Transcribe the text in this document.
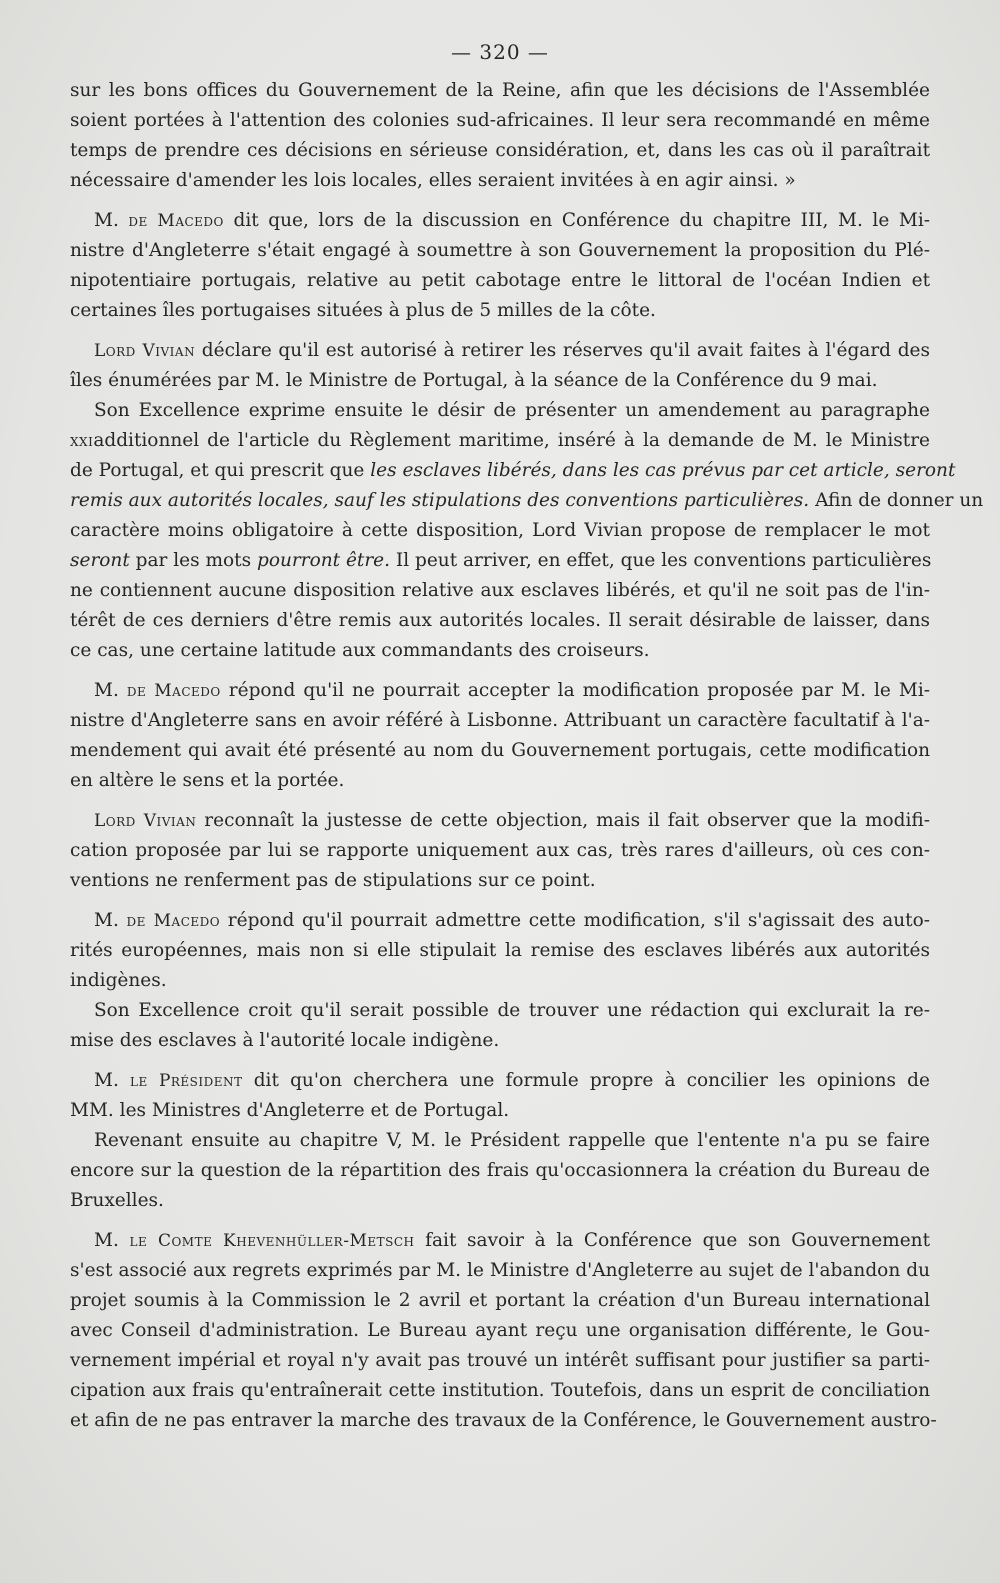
— 320 —
sur les bons offices du Gouvernement de la Reine, afin que les décisions de l'Assemblée
soient portées à l'attention des colonies sud-africaines. Il leur sera recommandé en même
temps de prendre ces décisions en sérieuse considération, et, dans les cas où il paraîtrait
nécessaire d'amender les lois locales, elles seraient invitées à en agir ainsi. »
M. de Macedo dit que, lors de la discussion en Conférence du chapitre III, M. le Mi-
nistre d'Angleterre s'était engagé à soumettre à son Gouvernement la proposition du Plé-
nipotentiaire portugais, relative au petit cabotage entre le littoral de l'océan Indien et
certaines îles portugaises situées à plus de 5 milles de la côte.
Lord Vivian déclare qu'il est autorisé à retirer les réserves qu'il avait faites à l'égard des
îles énumérées par M. le Ministre de Portugal, à la séance de la Conférence du 9 mai.
Son Excellence exprime ensuite le désir de présenter un amendement au paragraphe
xxiadditionnel de l'article du Règlement maritime, inséré à la demande de M. le Ministre
de Portugal, et qui prescrit que les esclaves libérés, dans les cas prévus par cet article, seront
remis aux autorités locales, sauf les stipulations des conventions particulières. Afin de donner un
caractère moins obligatoire à cette disposition, Lord Vivian propose de remplacer le mot
seront par les mots pourront être. Il peut arriver, en effet, que les conventions particulières
ne contiennent aucune disposition relative aux esclaves libérés, et qu'il ne soit pas de l'in-
térêt de ces derniers d'être remis aux autorités locales. Il serait désirable de laisser, dans
ce cas, une certaine latitude aux commandants des croiseurs.
M. de Macedo répond qu'il ne pourrait accepter la modification proposée par M. le Mi-
nistre d'Angleterre sans en avoir référé à Lisbonne. Attribuant un caractère facultatif à l'a-
mendement qui avait été présenté au nom du Gouvernement portugais, cette modification
en altère le sens et la portée.
Lord Vivian reconnaît la justesse de cette objection, mais il fait observer que la modifi-
cation proposée par lui se rapporte uniquement aux cas, très rares d'ailleurs, où ces con-
ventions ne renferment pas de stipulations sur ce point.
M. de Macedo répond qu'il pourrait admettre cette modification, s'il s'agissait des auto-
rités européennes, mais non si elle stipulait la remise des esclaves libérés aux autorités
indigènes.
Son Excellence croit qu'il serait possible de trouver une rédaction qui exclurait la re-
mise des esclaves à l'autorité locale indigène.
M. le Président dit qu'on cherchera une formule propre à concilier les opinions de
MM. les Ministres d'Angleterre et de Portugal.
Revenant ensuite au chapitre V, M. le Président rappelle que l'entente n'a pu se faire
encore sur la question de la répartition des frais qu'occasionnera la création du Bureau de
Bruxelles.
M. le Comte Khevenhüller-Metsch fait savoir à la Conférence que son Gouvernement
s'est associé aux regrets exprimés par M. le Ministre d'Angleterre au sujet de l'abandon du
projet soumis à la Commission le 2 avril et portant la création d'un Bureau international
avec Conseil d'administration. Le Bureau ayant reçu une organisation différente, le Gou-
vernement impérial et royal n'y avait pas trouvé un intérêt suffisant pour justifier sa parti-
cipation aux frais qu'entraînerait cette institution. Toutefois, dans un esprit de conciliation
et afin de ne pas entraver la marche des travaux de la Conférence, le Gouvernement austro-
